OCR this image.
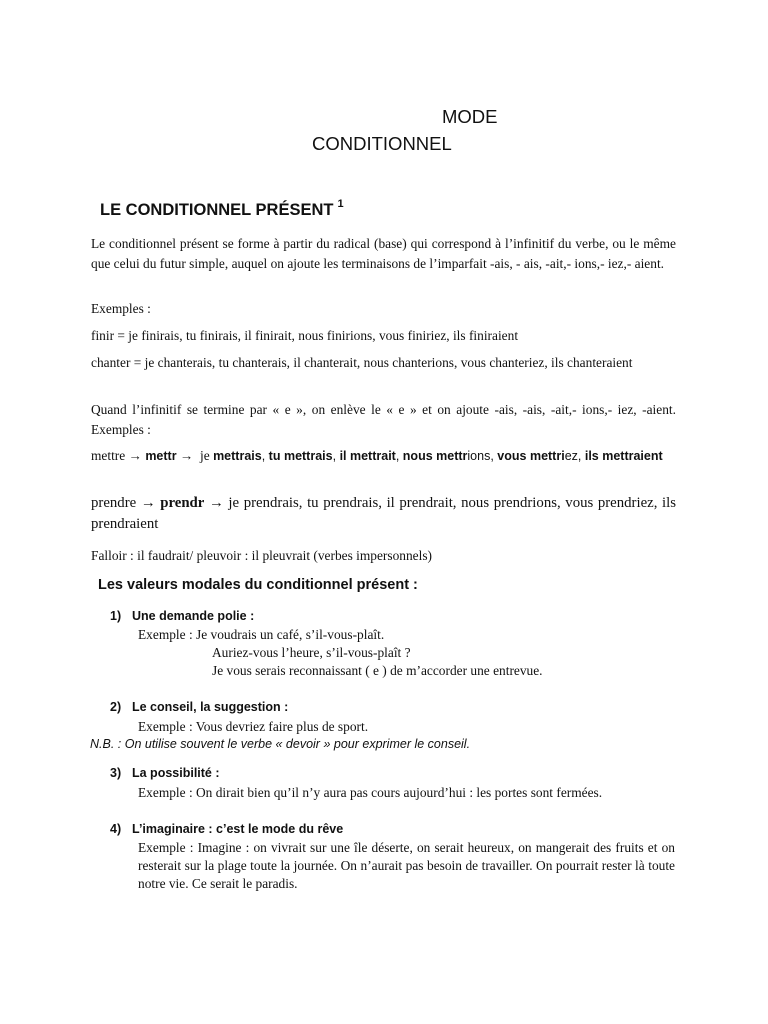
MODE
CONDITIONNEL
LE CONDITIONNEL PRÉSENT $^1$
Le conditionnel présent se forme à partir du radical (base) qui correspond à l’infinitif du verbe, ou le même que celui du futur simple, auquel on ajoute les terminaisons de l’imparfait -ais, - ais, -ait,- ions,- iez,- aient.
Exemples :
finir = je finirais, tu finirais, il finirait, nous finirions, vous finiriez, ils finiraient
chanter = je chanterais, tu chanterais, il chanterait, nous chanterions, vous chanteriez, ils chanteraient
Quand l’infinitif se termine par « e », on enlève le « e » et on ajoute -ais, -ais, -ait,- ions,- iez, -aient. Exemples :
mettre → mettr → je mettrais, tu mettrais, il mettrait, nous mettrions, vous mettriez, ils mettraient
prendre → prendr → je prendrais, tu prendrais, il prendrait, nous prendrions, vous prendriez, ils prendraient
Falloir : il faudrait/ pleuvoir : il pleuvrait (verbes impersonnels)
Les valeurs modales du conditionnel présent :
1) Une demande polie :
Exemple : Je voudrais un café, s’il-vous-plaît.
Auriez-vous l’heure, s’il-vous-plaît ?
Je vous serais reconnaissant ( e ) de m’accorder une entrevue.
2) Le conseil, la suggestion :
Exemple : Vous devriez faire plus de sport.
N.B. : On utilise souvent le verbe « devoir » pour exprimer le conseil.
3) La possibilité :
Exemple : On dirait bien qu’il n’y aura pas cours aujourd’hui : les portes sont fermées.
4) L’imaginaire : c’est le mode du rêve
Exemple : Imagine : on vivrait sur une île déserte, on serait heureux, on mangerait des fruits et on resterait sur la plage toute la journée. On n’aurait pas besoin de travailler. On pourrait rester là toute notre vie. Ce serait le paradis.
